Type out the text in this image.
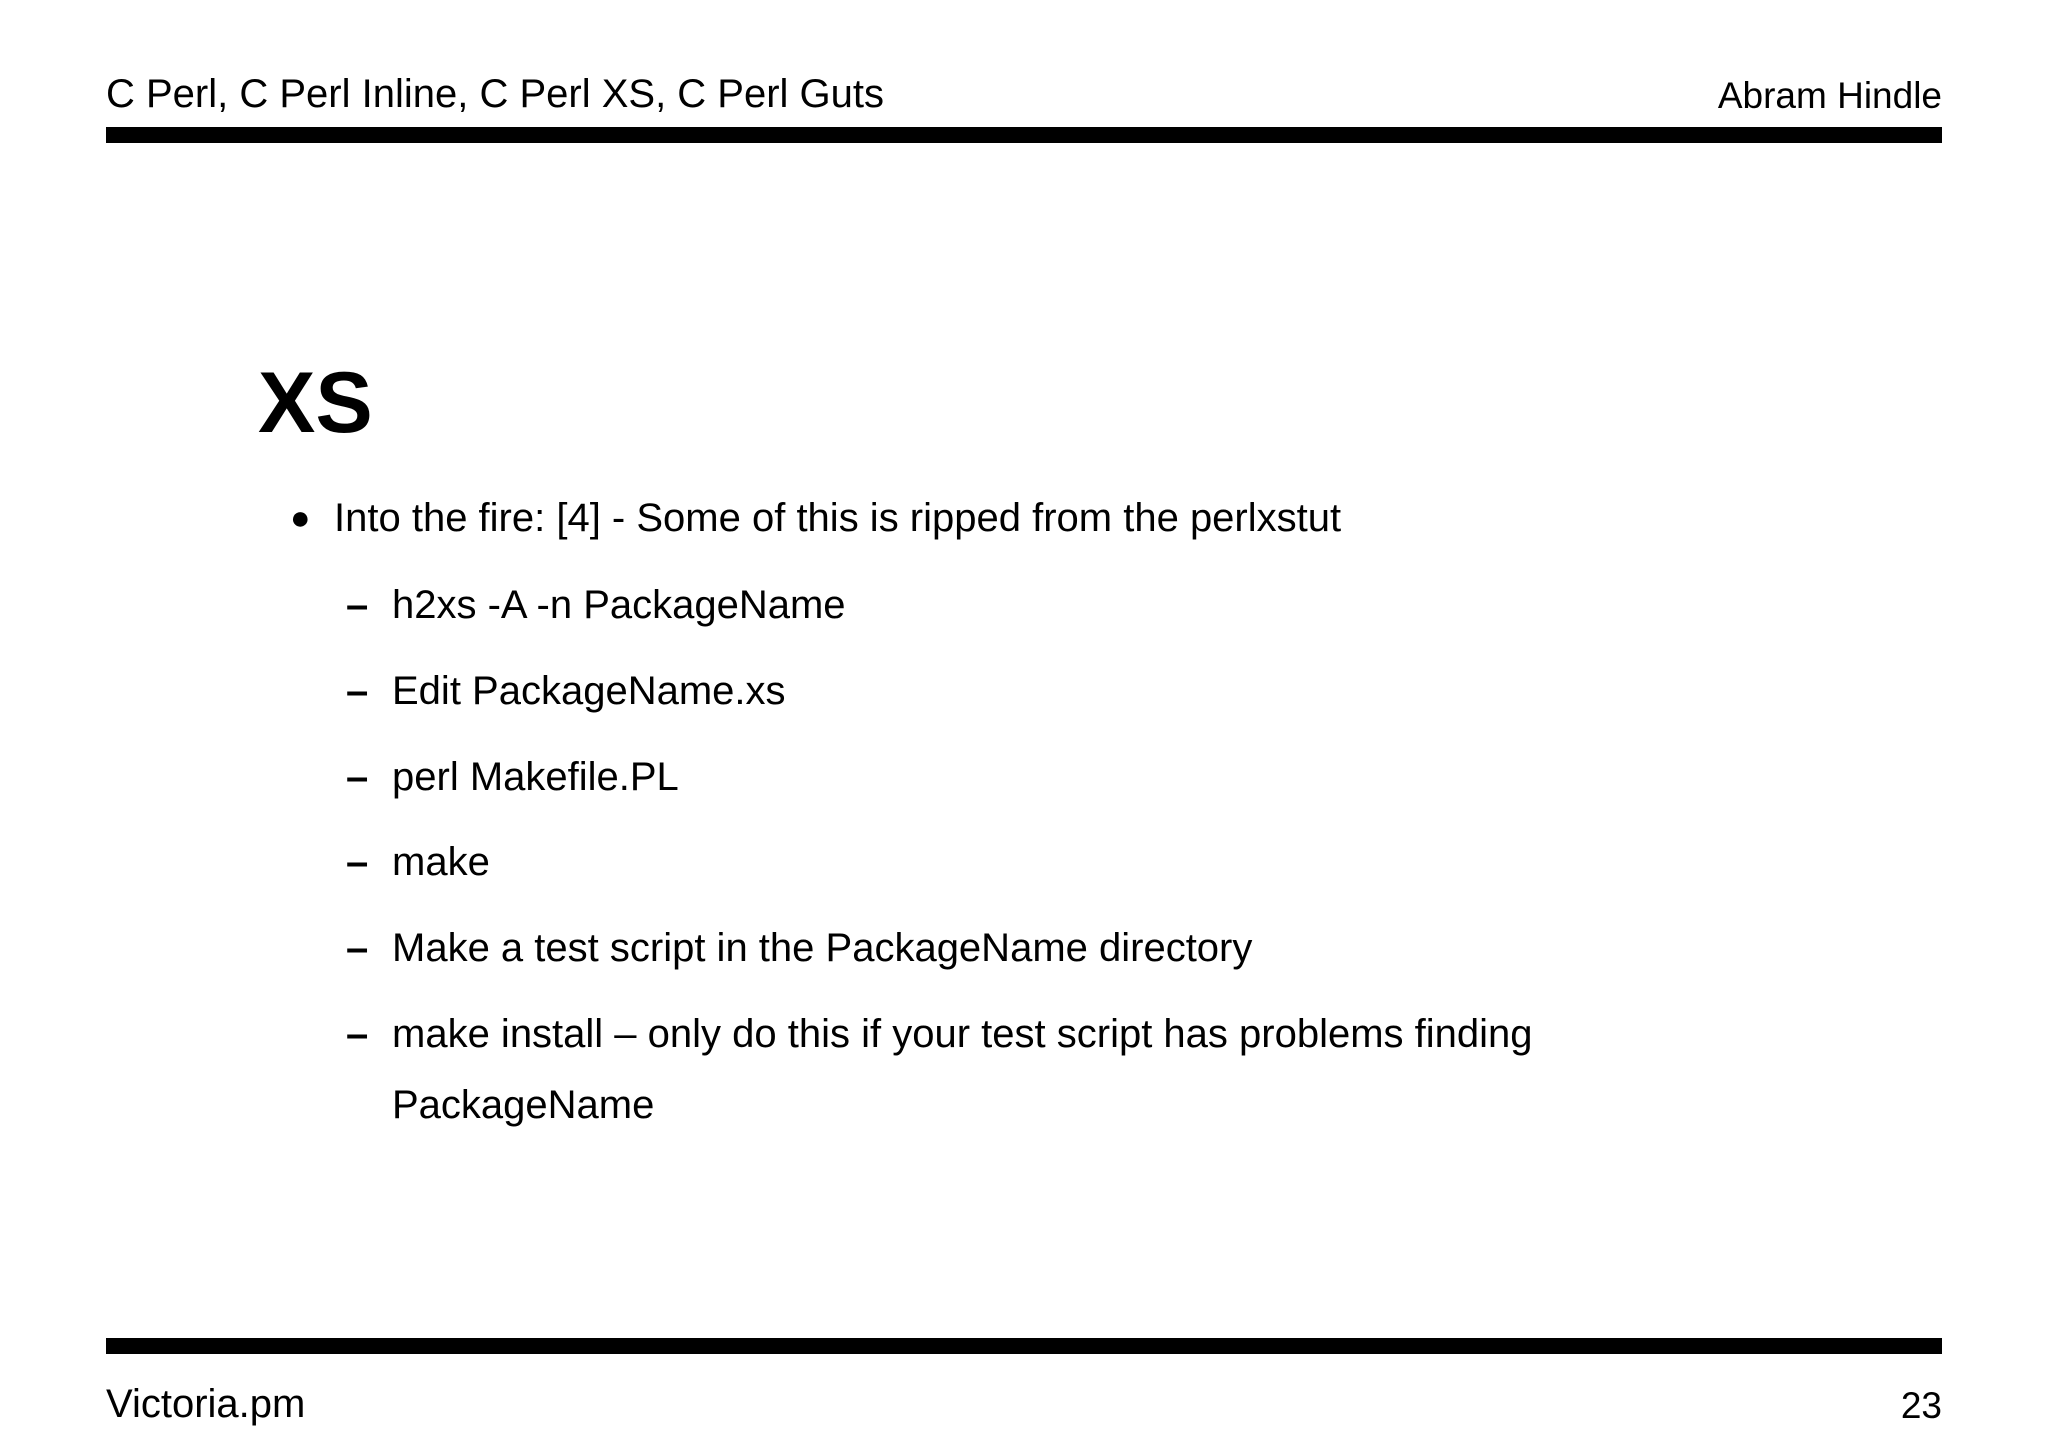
C Perl, C Perl Inline, C Perl XS, C Perl Guts	Abram Hindle
XS
● Into the fire: [4] - Some of this is ripped from the perlxstut
– h2xs -A -n PackageName
– Edit PackageName.xs
– perl Makefile.PL
– make
– Make a test script in the PackageName directory
– make install – only do this if your test script has problems finding PackageName
Victoria.pm	23
